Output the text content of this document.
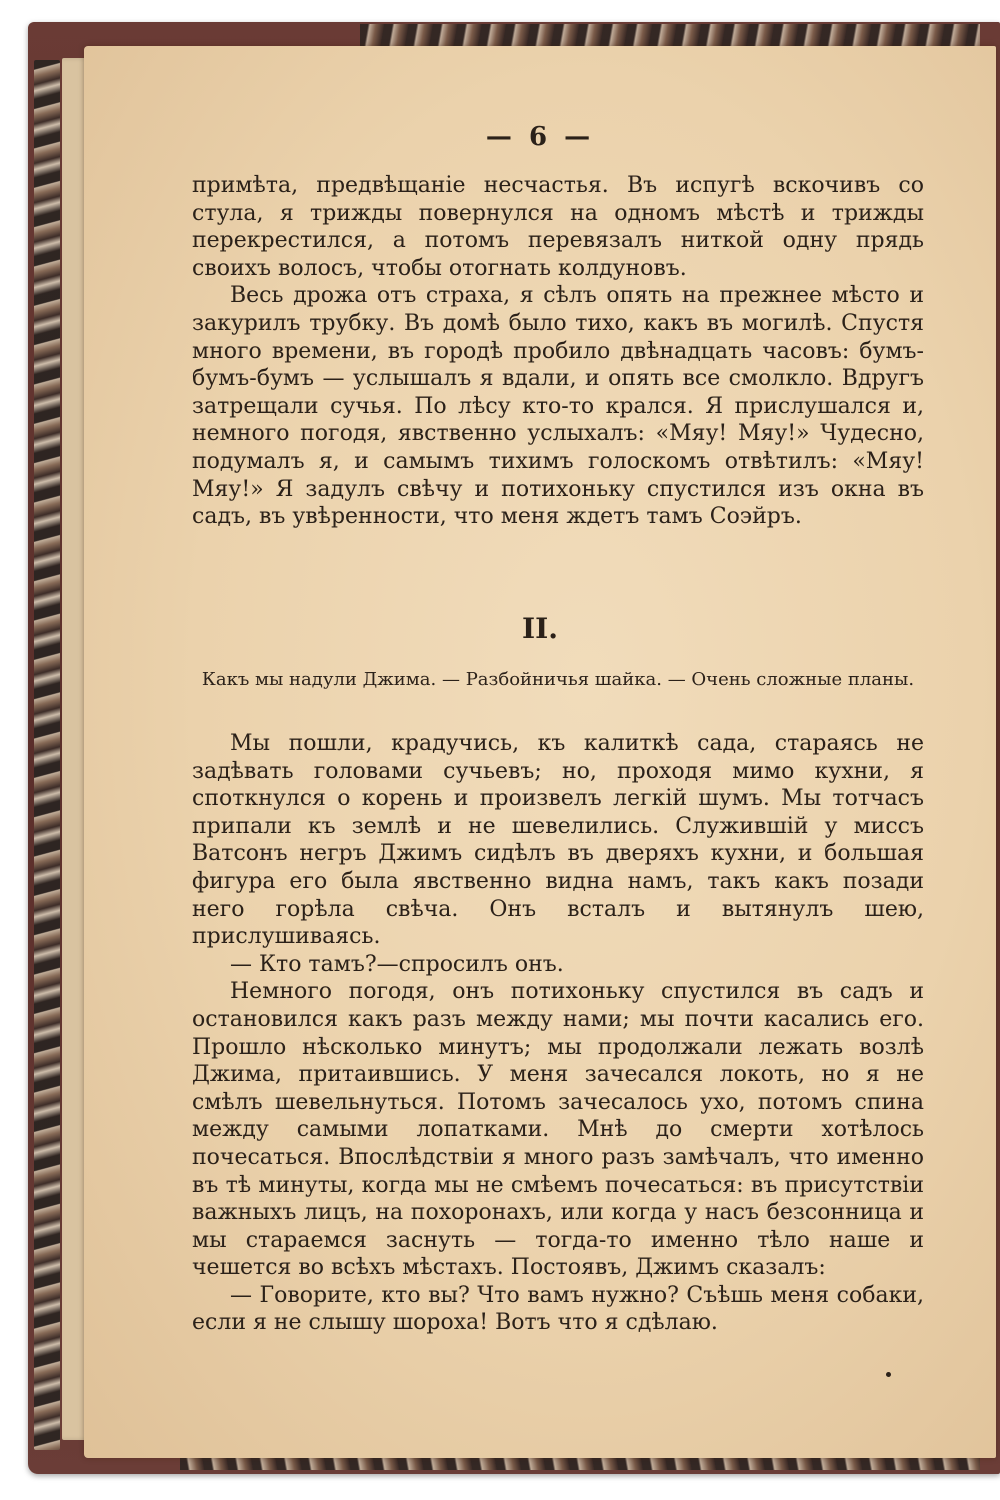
— 6 —

примѣта, предвѣщаніе несчастья. Въ испугѣ вскочивъ со стула, я трижды повернулся на одномъ мѣстѣ и трижды перекрестился, а потомъ перевязалъ ниткой одну прядь своихъ волосъ, чтобы отогнать колдуновъ.

Весь дрожа отъ страха, я сѣлъ опять на прежнее мѣсто и закурилъ трубку. Въ домѣ было тихо, какъ въ могилѣ. Спустя много времени, въ городѣ пробило двѣнадцать часовъ: бумъ-бумъ-бумъ — услышалъ я вдали, и опять все смолкло. Вдругъ затрещали сучья. По лѣсу кто-то крался. Я прислушался и, немного погодя, явственно услыхалъ: «Мяу! Мяу!» Чудесно, подумалъ я, и самымъ тихимъ голоскомъ отвѣтилъ: «Мяу! Мяу!» Я задулъ свѣчу и потихоньку спустился изъ окна въ садъ, въ увѣренности, что меня ждетъ тамъ Соэйръ.

II.

Какъ мы надули Джима. — Разбойничья шайка. — Очень сложные планы.

Мы пошли, крадучись, къ калиткѣ сада, стараясь не задѣвать головами сучьевъ; но, проходя мимо кухни, я споткнулся о корень и произвелъ легкій шумъ. Мы тотчасъ припали къ землѣ и не шевелились. Служившій у миссъ Ватсонъ негръ Джимъ сидѣлъ въ дверяхъ кухни, и большая фигура его была явственно видна намъ, такъ какъ позади него горѣла свѣча. Онъ всталъ и вытянулъ шею, прислушиваясь.

— Кто тамъ?—спросилъ онъ.

Немного погодя, онъ потихоньку спустился въ садъ и остановился какъ разъ между нами; мы почти касались его. Прошло нѣсколько минутъ; мы продолжали лежать возлѣ Джима, притаившись. У меня зачесался локоть, но я не смѣлъ шевельнуться. Потомъ зачесалось ухо, потомъ спина между самыми лопатками. Мнѣ до смерти хотѣлось почесаться. Впослѣдствіи я много разъ замѣчалъ, что именно въ тѣ минуты, когда мы не смѣемъ почесаться: въ присутствіи важныхъ лицъ, на похоронахъ, или когда у насъ безсонница и мы стараемся заснуть — тогда-то именно тѣло наше и чешется во всѣхъ мѣстахъ. Постоявъ, Джимъ сказалъ:

— Говорите, кто вы? Что вамъ нужно? Съѣшь меня собаки, если я не слышу шороха! Вотъ что я сдѣлаю.
